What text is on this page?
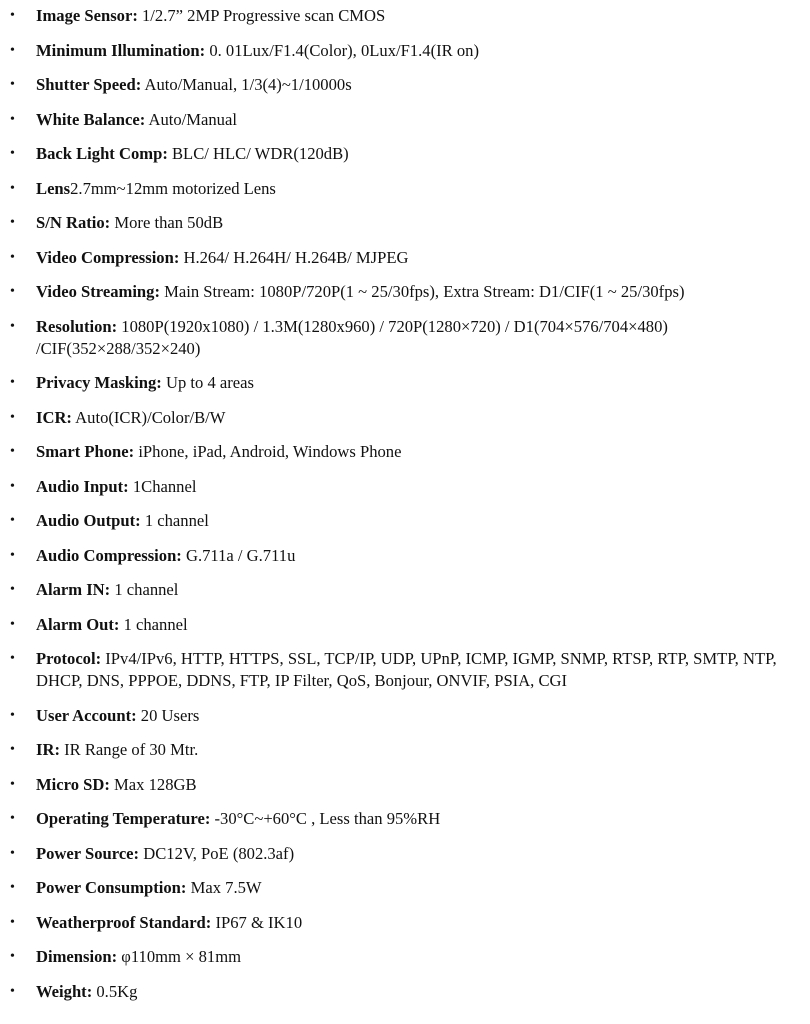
•	Image Sensor: 1/2.7” 2MP Progressive scan CMOS
•	Minimum Illumination: 0. 01Lux/F1.4(Color), 0Lux/F1.4(IR on)
•	Shutter Speed: Auto/Manual, 1/3(4)~1/10000s
•	White Balance: Auto/Manual
•	Back Light Comp: BLC/ HLC/ WDR(120dB)
•	Lens2.7mm~12mm motorized Lens
•	S/N Ratio: More than 50dB
•	Video Compression: H.264/ H.264H/ H.264B/ MJPEG
•	Video Streaming: Main Stream: 1080P/720P(1 ~ 25/30fps), Extra Stream: D1/CIF(1 ~ 25/30fps)
•	Resolution: 1080P(1920x1080) / 1.3M(1280x960) / 720P(1280×720) / D1(704×576/704×480) /CIF(352×288/352×240)
•	Privacy Masking: Up to 4 areas
•	ICR: Auto(ICR)/Color/B/W
•	Smart Phone: iPhone, iPad, Android, Windows Phone
•	Audio Input: 1Channel
•	Audio Output: 1 channel
•	Audio Compression: G.711a / G.711u
•	Alarm IN: 1 channel
•	Alarm Out: 1 channel
•	Protocol: IPv4/IPv6, HTTP, HTTPS, SSL, TCP/IP, UDP, UPnP, ICMP, IGMP, SNMP, RTSP, RTP, SMTP, NTP, DHCP, DNS, PPPOE, DDNS, FTP, IP Filter, QoS, Bonjour, ONVIF, PSIA, CGI
•	User Account: 20 Users
•	IR: IR Range of 30 Mtr.
•	Micro SD: Max 128GB
•	Operating Temperature: -30°C~+60°C , Less than 95%RH
•	Power Source: DC12V, PoE (802.3af)
•	Power Consumption: Max 7.5W
•	Weatherproof Standard: IP67 & IK10
•	Dimension: φ110mm × 81mm
•	Weight: 0.5Kg
